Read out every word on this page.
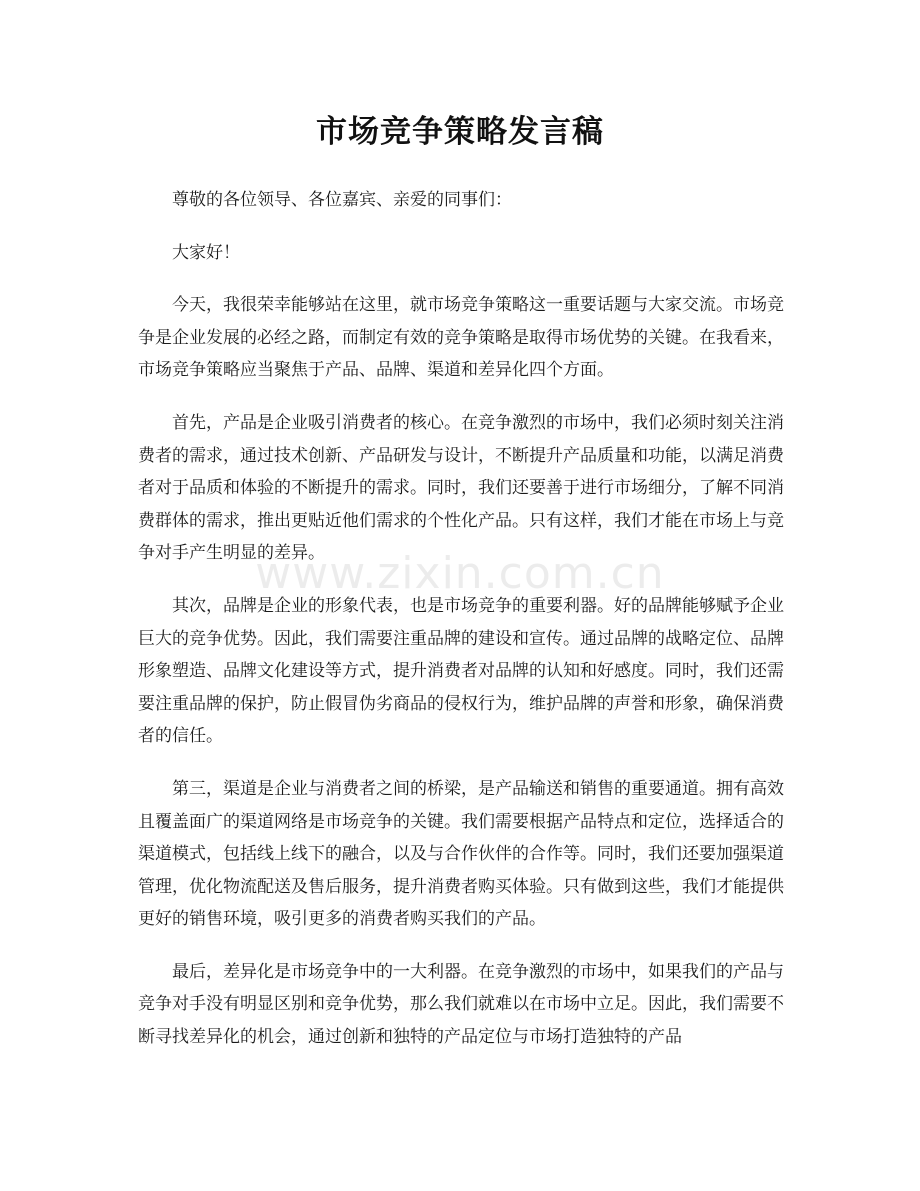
市场竞争策略发言稿

尊敬的各位领导、各位嘉宾、亲爱的同事们：

大家好！

今天，我很荣幸能够站在这里，就市场竞争策略这一重要话题与大家交流。市场竞争是企业发展的必经之路，而制定有效的竞争策略是取得市场优势的关键。在我看来，市场竞争策略应当聚焦于产品、品牌、渠道和差异化四个方面。

首先，产品是企业吸引消费者的核心。在竞争激烈的市场中，我们必须时刻关注消费者的需求，通过技术创新、产品研发与设计，不断提升产品质量和功能，以满足消费者对于品质和体验的不断提升的需求。同时，我们还要善于进行市场细分，了解不同消费群体的需求，推出更贴近他们需求的个性化产品。只有这样，我们才能在市场上与竞争对手产生明显的差异。

其次，品牌是企业的形象代表，也是市场竞争的重要利器。好的品牌能够赋予企业巨大的竞争优势。因此，我们需要注重品牌的建设和宣传。通过品牌的战略定位、品牌形象塑造、品牌文化建设等方式，提升消费者对品牌的认知和好感度。同时，我们还需要注重品牌的保护，防止假冒伪劣商品的侵权行为，维护品牌的声誉和形象，确保消费者的信任。

第三，渠道是企业与消费者之间的桥梁，是产品输送和销售的重要通道。拥有高效且覆盖面广的渠道网络是市场竞争的关键。我们需要根据产品特点和定位，选择适合的渠道模式，包括线上线下的融合，以及与合作伙伴的合作等。同时，我们还要加强渠道管理，优化物流配送及售后服务，提升消费者购买体验。只有做到这些，我们才能提供更好的销售环境，吸引更多的消费者购买我们的产品。

最后，差异化是市场竞争中的一大利器。在竞争激烈的市场中，如果我们的产品与竞争对手没有明显区别和竞争优势，那么我们就难以在市场中立足。因此，我们需要不断寻找差异化的机会，通过创新和独特的产品定位与市场打造独特的产品

www.zixin.com.cn
